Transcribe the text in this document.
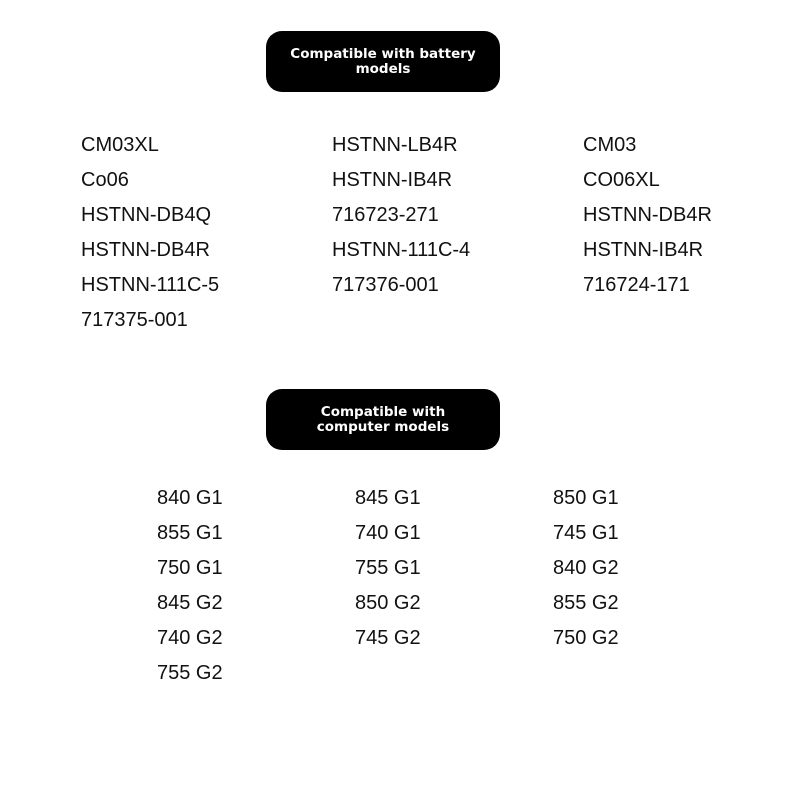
Compatible with battery models
CM03XL
Co06
HSTNN-DB4Q
HSTNN-DB4R
HSTNN-111C-5
717375-001
HSTNN-LB4R
HSTNN-IB4R
716723-271
HSTNN-111C-4
717376-001
CM03
CO06XL
HSTNN-DB4R
HSTNN-IB4R
716724-171
Compatible with computer models
840 G1
855 G1
750 G1
845 G2
740 G2
755 G2
845 G1
740 G1
755 G1
850 G2
745 G2
850 G1
745 G1
840 G2
855 G2
750 G2
